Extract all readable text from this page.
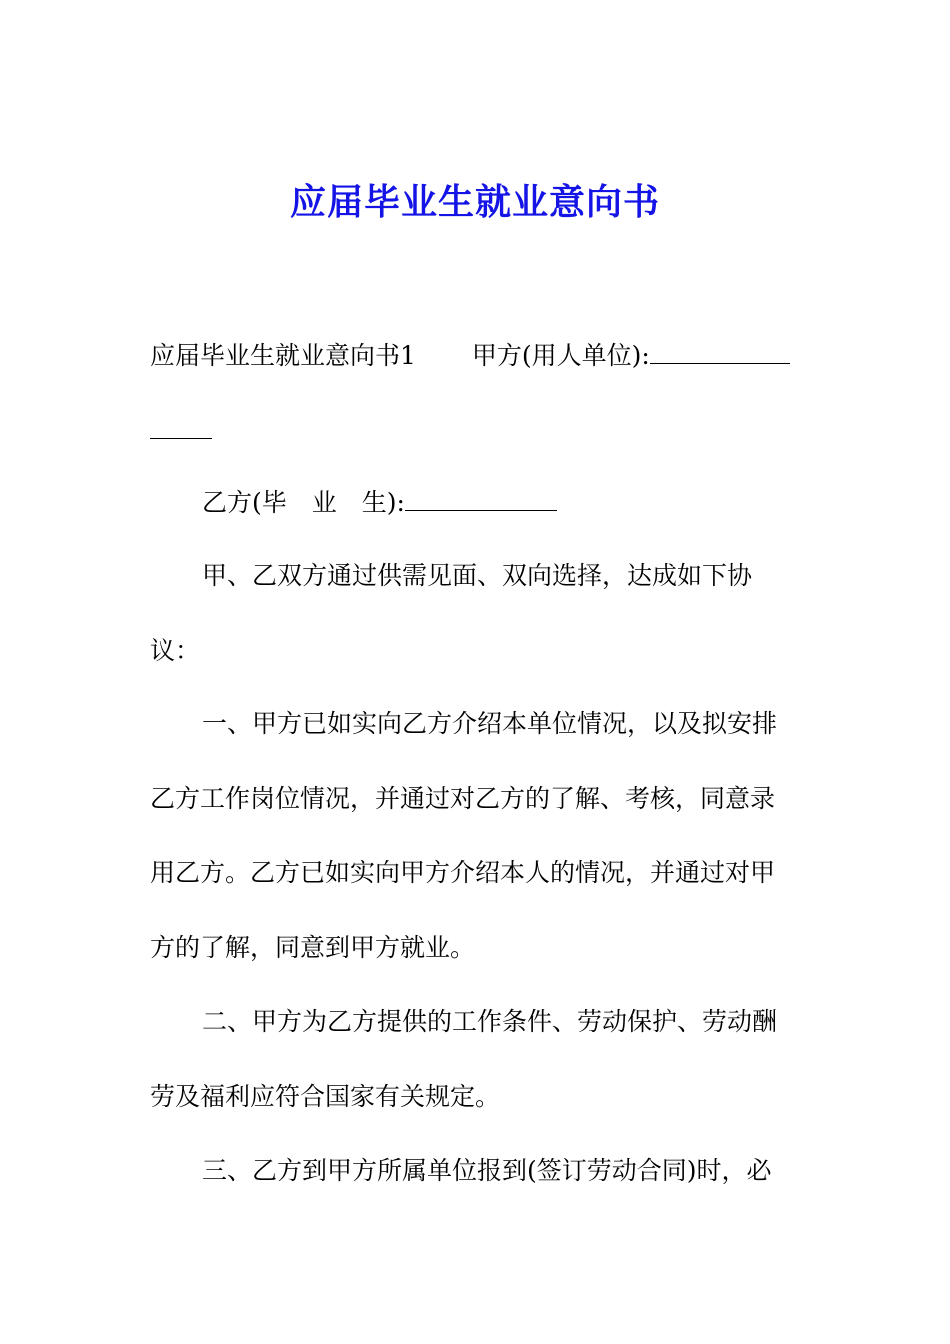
应届毕业生就业意向书
应届毕业生就业意向书1 甲方(用人单位):
乙方(毕　业　生):
甲、乙双方通过供需见面、双向选择，达成如下协
议：
一、甲方已如实向乙方介绍本单位情况，以及拟安排
乙方工作岗位情况，并通过对乙方的了解、考核，同意录
用乙方。乙方已如实向甲方介绍本人的情况，并通过对甲
方的了解，同意到甲方就业。
二、甲方为乙方提供的工作条件、劳动保护、劳动酬
劳及福利应符合国家有关规定。
三、乙方到甲方所属单位报到(签订劳动合同)时，必
